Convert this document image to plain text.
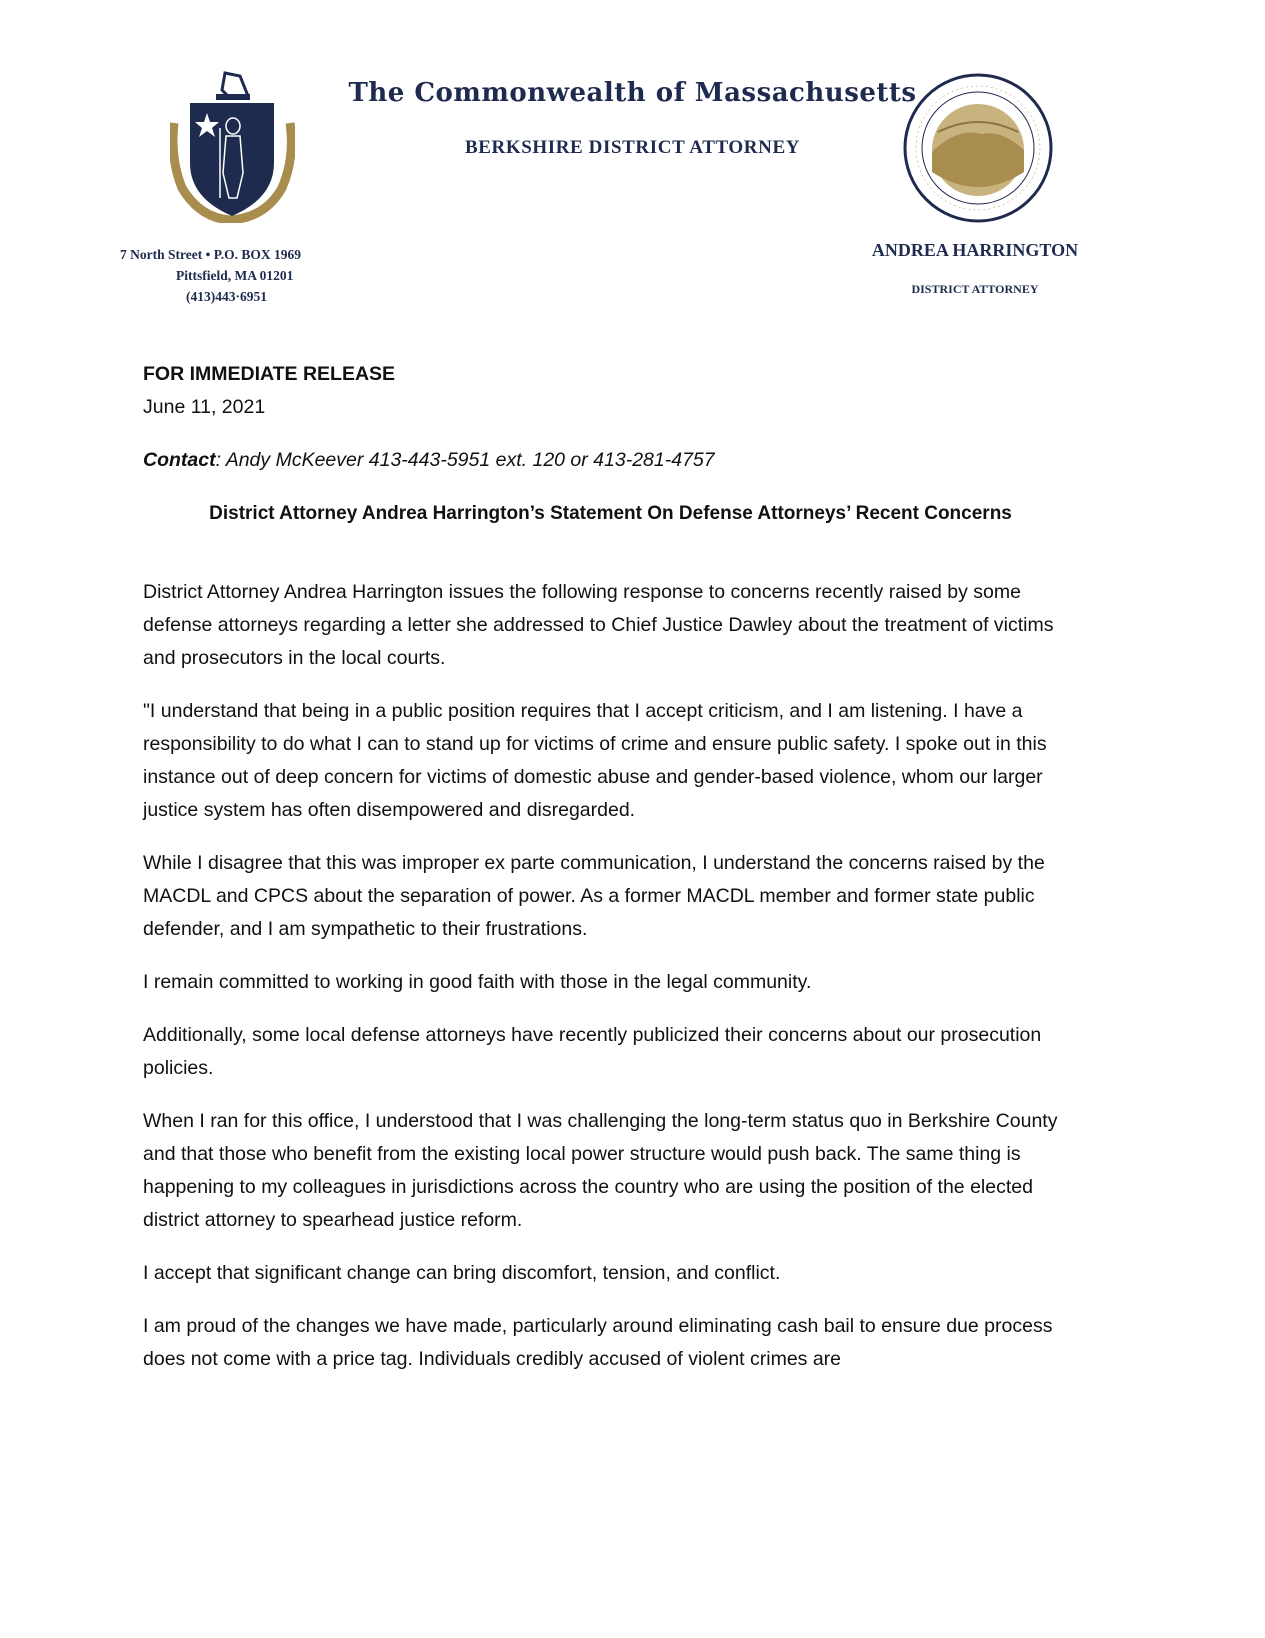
The Commonwealth of Massachusetts
BERKSHIRE DISTRICT ATTORNEY
7 North Street • P.O. BOX 1969
Pittsfield, MA 01201
(413)443·6951
ANDREA HARRINGTON
DISTRICT ATTORNEY
FOR IMMEDIATE RELEASE
June 11, 2021
Contact: Andy McKeever 413-443-5951 ext. 120 or 413-281-4757
District Attorney Andrea Harrington’s Statement On Defense Attorneys’ Recent Concerns

District Attorney Andrea Harrington issues the following response to concerns recently raised by some defense attorneys regarding a letter she addressed to Chief Justice Dawley about the treatment of victims and prosecutors in the local courts.

"I understand that being in a public position requires that I accept criticism, and I am listening. I have a responsibility to do what I can to stand up for victims of crime and ensure public safety. I spoke out in this instance out of deep concern for victims of domestic abuse and gender-based violence, whom our larger justice system has often disempowered and disregarded.

While I disagree that this was improper ex parte communication, I understand the concerns raised by the MACDL and CPCS about the separation of power. As a former MACDL member and former state public defender, and I am sympathetic to their frustrations.

I remain committed to working in good faith with those in the legal community.

Additionally, some local defense attorneys have recently publicized their concerns about our prosecution policies.

When I ran for this office, I understood that I was challenging the long-term status quo in Berkshire County and that those who benefit from the existing local power structure would push back. The same thing is happening to my colleagues in jurisdictions across the country who are using the position of the elected district attorney to spearhead justice reform.

I accept that significant change can bring discomfort, tension, and conflict.

I am proud of the changes we have made, particularly around eliminating cash bail to ensure due process does not come with a price tag. Individuals credibly accused of violent crimes are
